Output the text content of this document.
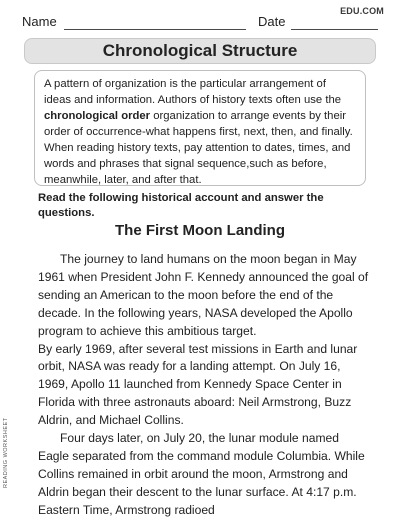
Name	Date
EDU.COM
Chronological Structure
A pattern of organization is the particular arrangement of ideas and information. Authors of history texts often use the chronological order organization to arrange events by their order of occurrence-what happens first, next, then, and finally. When reading history texts, pay attention to dates, times, and words and phrases that signal sequence,such as before, meanwhile, later, and after that.
Read the following historical account and answer the questions.
The First Moon Landing

The journey to land humans on the moon began in May 1961 when President John F. Kennedy announced the goal of sending an American to the moon before the end of the decade. In the following years, NASA developed the Apollo program to achieve this ambitious target.

By early 1969, after several test missions in Earth and lunar orbit, NASA was ready for a landing attempt. On July 16, 1969, Apollo 11 launched from Kennedy Space Center in Florida with three astronauts aboard: Neil Armstrong, Buzz Aldrin, and Michael Collins.

Four days later, on July 20, the lunar module named Eagle separated from the command module Columbia. While Collins remained in orbit around the moon, Armstrong and Aldrin began their descent to the lunar surface. At 4:17 p.m. Eastern Time, Armstrong radioed

READING WORKSHEET
